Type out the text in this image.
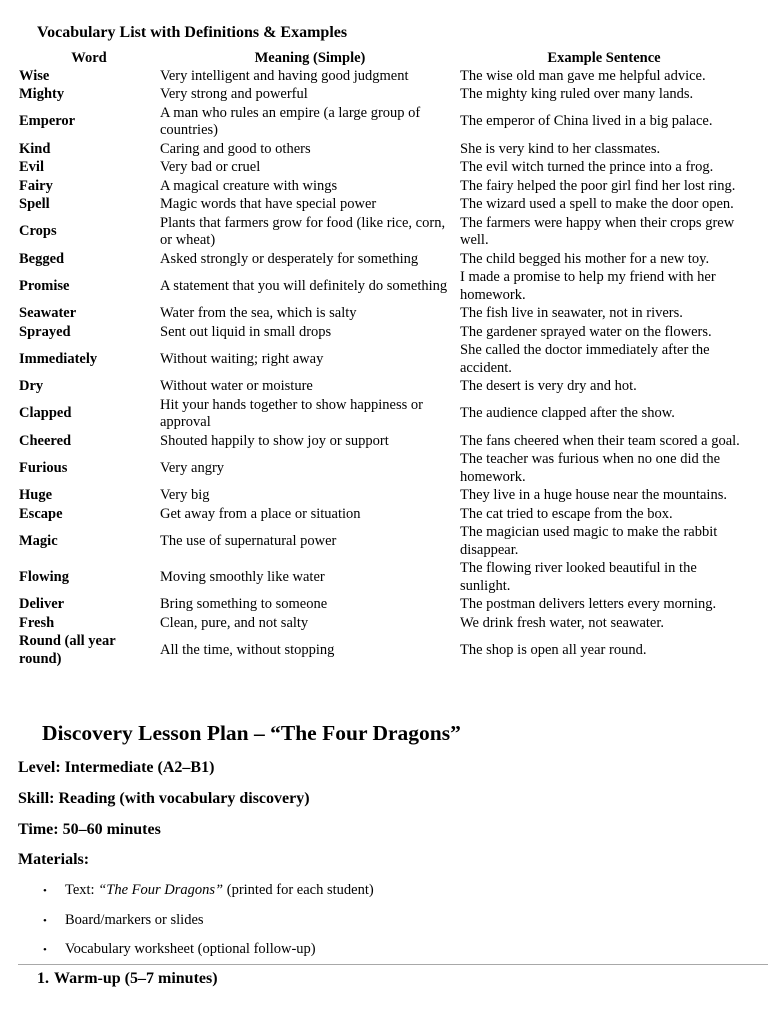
Vocabulary List with Definitions & Examples
Word	Meaning (Simple)	Example Sentence
Wise	Very intelligent and having good judgment	The wise old man gave me helpful advice.
Mighty	Very strong and powerful	The mighty king ruled over many lands.
Emperor	A man who rules an empire (a large group of countries)	The emperor of China lived in a big palace.
Kind	Caring and good to others	She is very kind to her classmates.
Evil	Very bad or cruel	The evil witch turned the prince into a frog.
Fairy	A magical creature with wings	The fairy helped the poor girl find her lost ring.
Spell	Magic words that have special power	The wizard used a spell to make the door open.
Crops	Plants that farmers grow for food (like rice, corn, or wheat)	The farmers were happy when their crops grew well.
Begged	Asked strongly or desperately for something	The child begged his mother for a new toy.
Promise	A statement that you will definitely do something	I made a promise to help my friend with her homework.
Seawater	Water from the sea, which is salty	The fish live in seawater, not in rivers.
Sprayed	Sent out liquid in small drops	The gardener sprayed water on the flowers.
Immediately	Without waiting; right away	She called the doctor immediately after the accident.
Dry	Without water or moisture	The desert is very dry and hot.
Clapped	Hit your hands together to show happiness or approval	The audience clapped after the show.
Cheered	Shouted happily to show joy or support	The fans cheered when their team scored a goal.
Furious	Very angry	The teacher was furious when no one did the homework.
Huge	Very big	They live in a huge house near the mountains.
Escape	Get away from a place or situation	The cat tried to escape from the box.
Magic	The use of supernatural power	The magician used magic to make the rabbit disappear.
Flowing	Moving smoothly like water	The flowing river looked beautiful in the sunlight.
Deliver	Bring something to someone	The postman delivers letters every morning.
Fresh	Clean, pure, and not salty	We drink fresh water, not seawater.
Round (all year round)	All the time, without stopping	The shop is open all year round.
Discovery Lesson Plan – “The Four Dragons”
Level: Intermediate (A2–B1)
Skill: Reading (with vocabulary discovery)
Time: 50–60 minutes
Materials:
• Text: “The Four Dragons” (printed for each student)
• Board/markers or slides
• Vocabulary worksheet (optional follow-up)
1. Warm-up (5–7 minutes)
